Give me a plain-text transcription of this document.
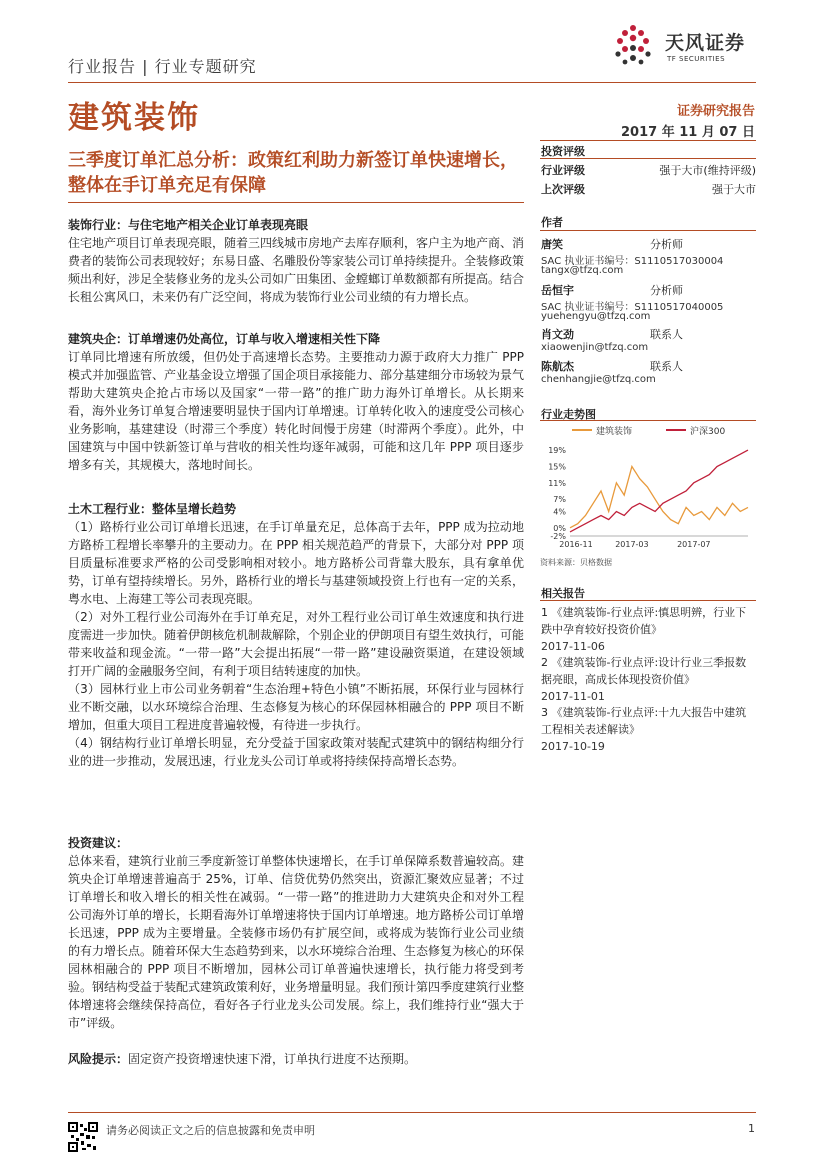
行业报告 | 行业专题研究
建筑装饰
天风证券
TF SECURITIES
证券研究报告
2017 年 11 月 07 日
三季度订单汇总分析：政策红利助力新签订单快速增长，整体在手订单充足有保障

装饰行业：与住宅地产相关企业订单表现亮眼

住宅地产项目订单表现亮眼，随着三四线城市房地产去库存顺利，客户主为地产商、消费者的装饰公司表现较好；东易日盛、名雕股份等家装公司订单持续提升。全装修政策频出利好，涉足全装修业务的龙头公司如广田集团、金螳螂订单数额都有所提高。结合长租公寓风口，未来仍有广泛空间，将成为装饰行业公司业绩的有力增长点。

建筑央企：订单增速仍处高位，订单与收入增速相关性下降

订单同比增速有所放缓，但仍处于高速增长态势。主要推动力源于政府大力推广 PPP 模式并加强监管、产业基金设立增强了国企项目承接能力、部分基建细分市场较为景气帮助大建筑央企抢占市场以及国家“一带一路”的推广助力海外订单增长。从长期来看，海外业务订单复合增速要明显快于国内订单增速。订单转化收入的速度受公司核心业务影响，基建建设（时滞三个季度）转化时间慢于房建（时滞两个季度）。此外，中国建筑与中国中铁新签订单与营收的相关性均逐年减弱，可能和这几年 PPP 项目逐步增多有关，其规模大，落地时间长。

土木工程行业：整体呈增长趋势

（1）路桥行业公司订单增长迅速，在手订单量充足，总体高于去年，PPP 成为拉动地方路桥工程增长率攀升的主要动力。在 PPP 相关规范趋严的背景下，大部分对 PPP 项目质量标准要求严格的公司受影响相对较小。地方路桥公司背靠大股东，具有拿单优势，订单有望持续增长。另外，路桥行业的增长与基建领域投资上行也有一定的关系，粤水电、上海建工等公司表现亮眼。

（2）对外工程行业公司海外在手订单充足，对外工程行业公司订单生效速度和执行进度需进一步加快。随着伊朗核危机制裁解除，个别企业的伊朗项目有望生效执行，可能带来收益和现金流。“一带一路”大会提出拓展“一带一路”建设融资渠道，在建设领域打开广阔的金融服务空间，有利于项目结转速度的加快。

（3）园林行业上市公司业务朝着“生态治理+特色小镇”不断拓展，环保行业与园林行业不断交融，以水环境综合治理、生态修复为核心的环保园林相融合的 PPP 项目不断增加，但重大项目工程进度普遍较慢，有待进一步执行。

（4）钢结构行业订单增长明显，充分受益于国家政策对装配式建筑中的钢结构细分行业的进一步推动，发展迅速，行业龙头公司订单或将持续保持高增长态势。

投资建议：

总体来看，建筑行业前三季度新签订单整体快速增长，在手订单保障系数普遍较高。建筑央企订单增速普遍高于 25%，订单、信贷优势仍然突出，资源汇聚效应显著；不过订单增长和收入增长的相关性在减弱。“一带一路”的推进助力大建筑央企和对外工程公司海外订单的增长，长期看海外订单增速将快于国内订单增速。地方路桥公司订单增长迅速，PPP 成为主要增量。全装修市场仍有扩展空间，或将成为装饰行业公司业绩的有力增长点。随着环保大生态趋势到来，以水环境综合治理、生态修复为核心的环保园林相融合的 PPP 项目不断增加，园林公司订单普遍快速增长，执行能力将受到考验。钢结构受益于装配式建筑政策利好，业务增量明显。我们预计第四季度建筑行业整体增速将会继续保持高位，看好各子行业龙头公司发展。综上，我们维持行业“强大于市”评级。

风险提示：固定资产投资增速快速下滑，订单执行进度不达预期。
投资评级
行业评级	强于大市(维持评级)
上次评级	强于大市
作者
唐笑	分析师
SAC 执业证书编号：S1110517030004
tangx@tfzq.com
岳恒宇	分析师
SAC 执业证书编号：S1110517040005
yuehengyu@tfzq.com
肖文劲	联系人
xiaowenjin@tfzq.com
陈航杰	联系人
chenhangjie@tfzq.com
行业走势图
建筑装饰	沪深300
-2%
0%
4%
7%
11%
15%
19%
2016-11	2017-03	2017-07
资料来源：贝格数据
相关报告
1 《建筑装饰-行业点评:慎思明辨，行业下跌中孕育较好投资价值》
2017-11-06
2 《建筑装饰-行业点评:设计行业三季报数据亮眼，高成长体现投资价值》
2017-11-01
3 《建筑装饰-行业点评:十九大报告中建筑工程相关表述解读》
2017-10-19
请务必阅读正文之后的信息披露和免责申明	1
